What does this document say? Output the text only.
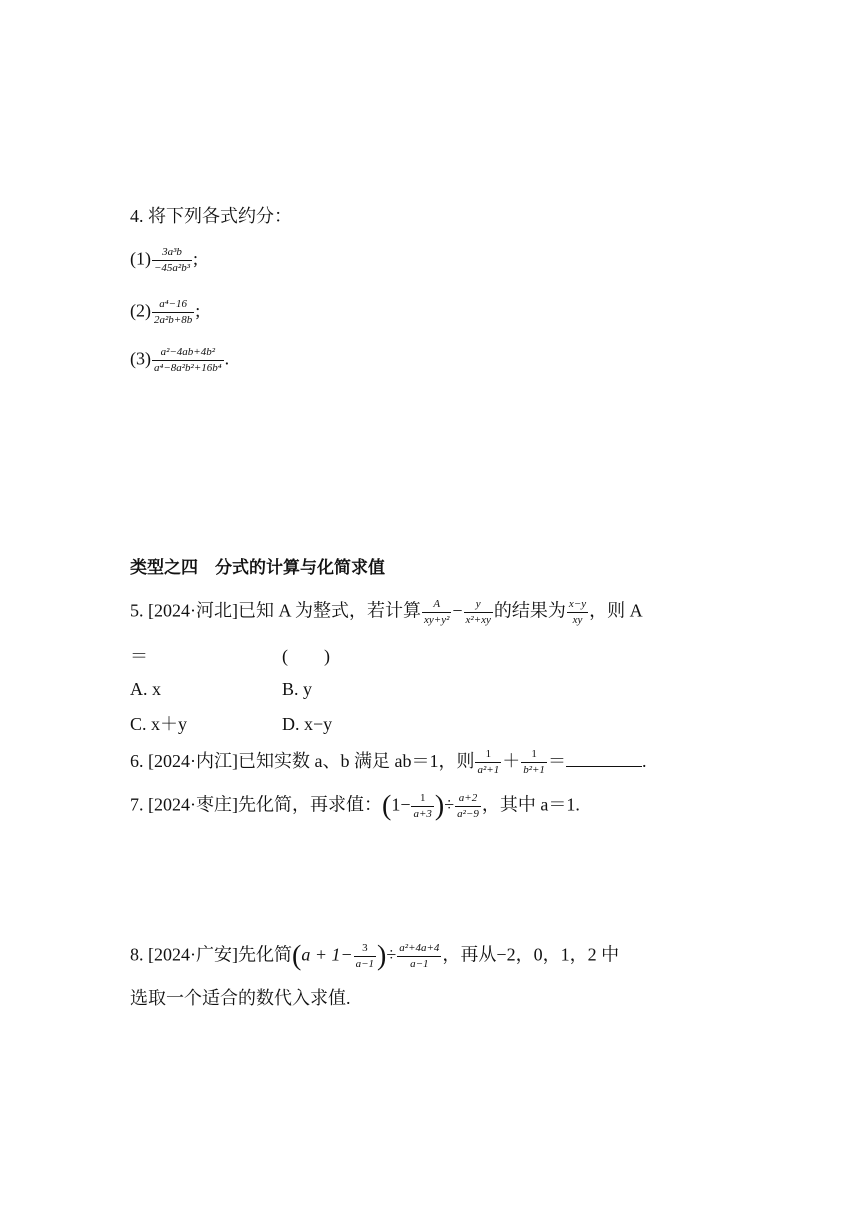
4. 将下列各式约分：
$(1) \frac{\text{3a³b}}{\text{−45a²b³}}$ ;
$(2) \frac{\text{a⁴−16}}{\text{2a²b+8b}}$ ;
$(3) \frac{\text{a²−4ab+4b²}}{\text{a⁴−8a²b²+16b⁴}}$ .
类型之四　分式的计算与化简求值
5. [2024·河北]已知 A 为整式，若计算 $\frac{A}{\text{xy+y²}} - \frac{y}{\text{x²+xy}}$ 的结果为 $\frac{x-y}{xy}$ ，则 A
＝	(　　)
A. x	B. y
C. x＋y	D. x−y
6. [2024·内江]已知实数 a、b 满足 ab＝1，则 $\frac{1}{\text{a²+1}} + \frac{1}{\text{b²+1}}$ ＝	.
7. [2024·枣庄]先化简，再求值：($1- \frac{1}{a+3}$ )÷ $\frac{a+2}{\text{a²−9}}$ ，其中 a＝1.
8. [2024·广安]先化简($a + 1- \frac{3}{a-1}$ )÷ $\frac{\text{a²+4a+4}}{a-1}$ ，再从−2，0，1，2 中
选取一个适合的数代入求值.
